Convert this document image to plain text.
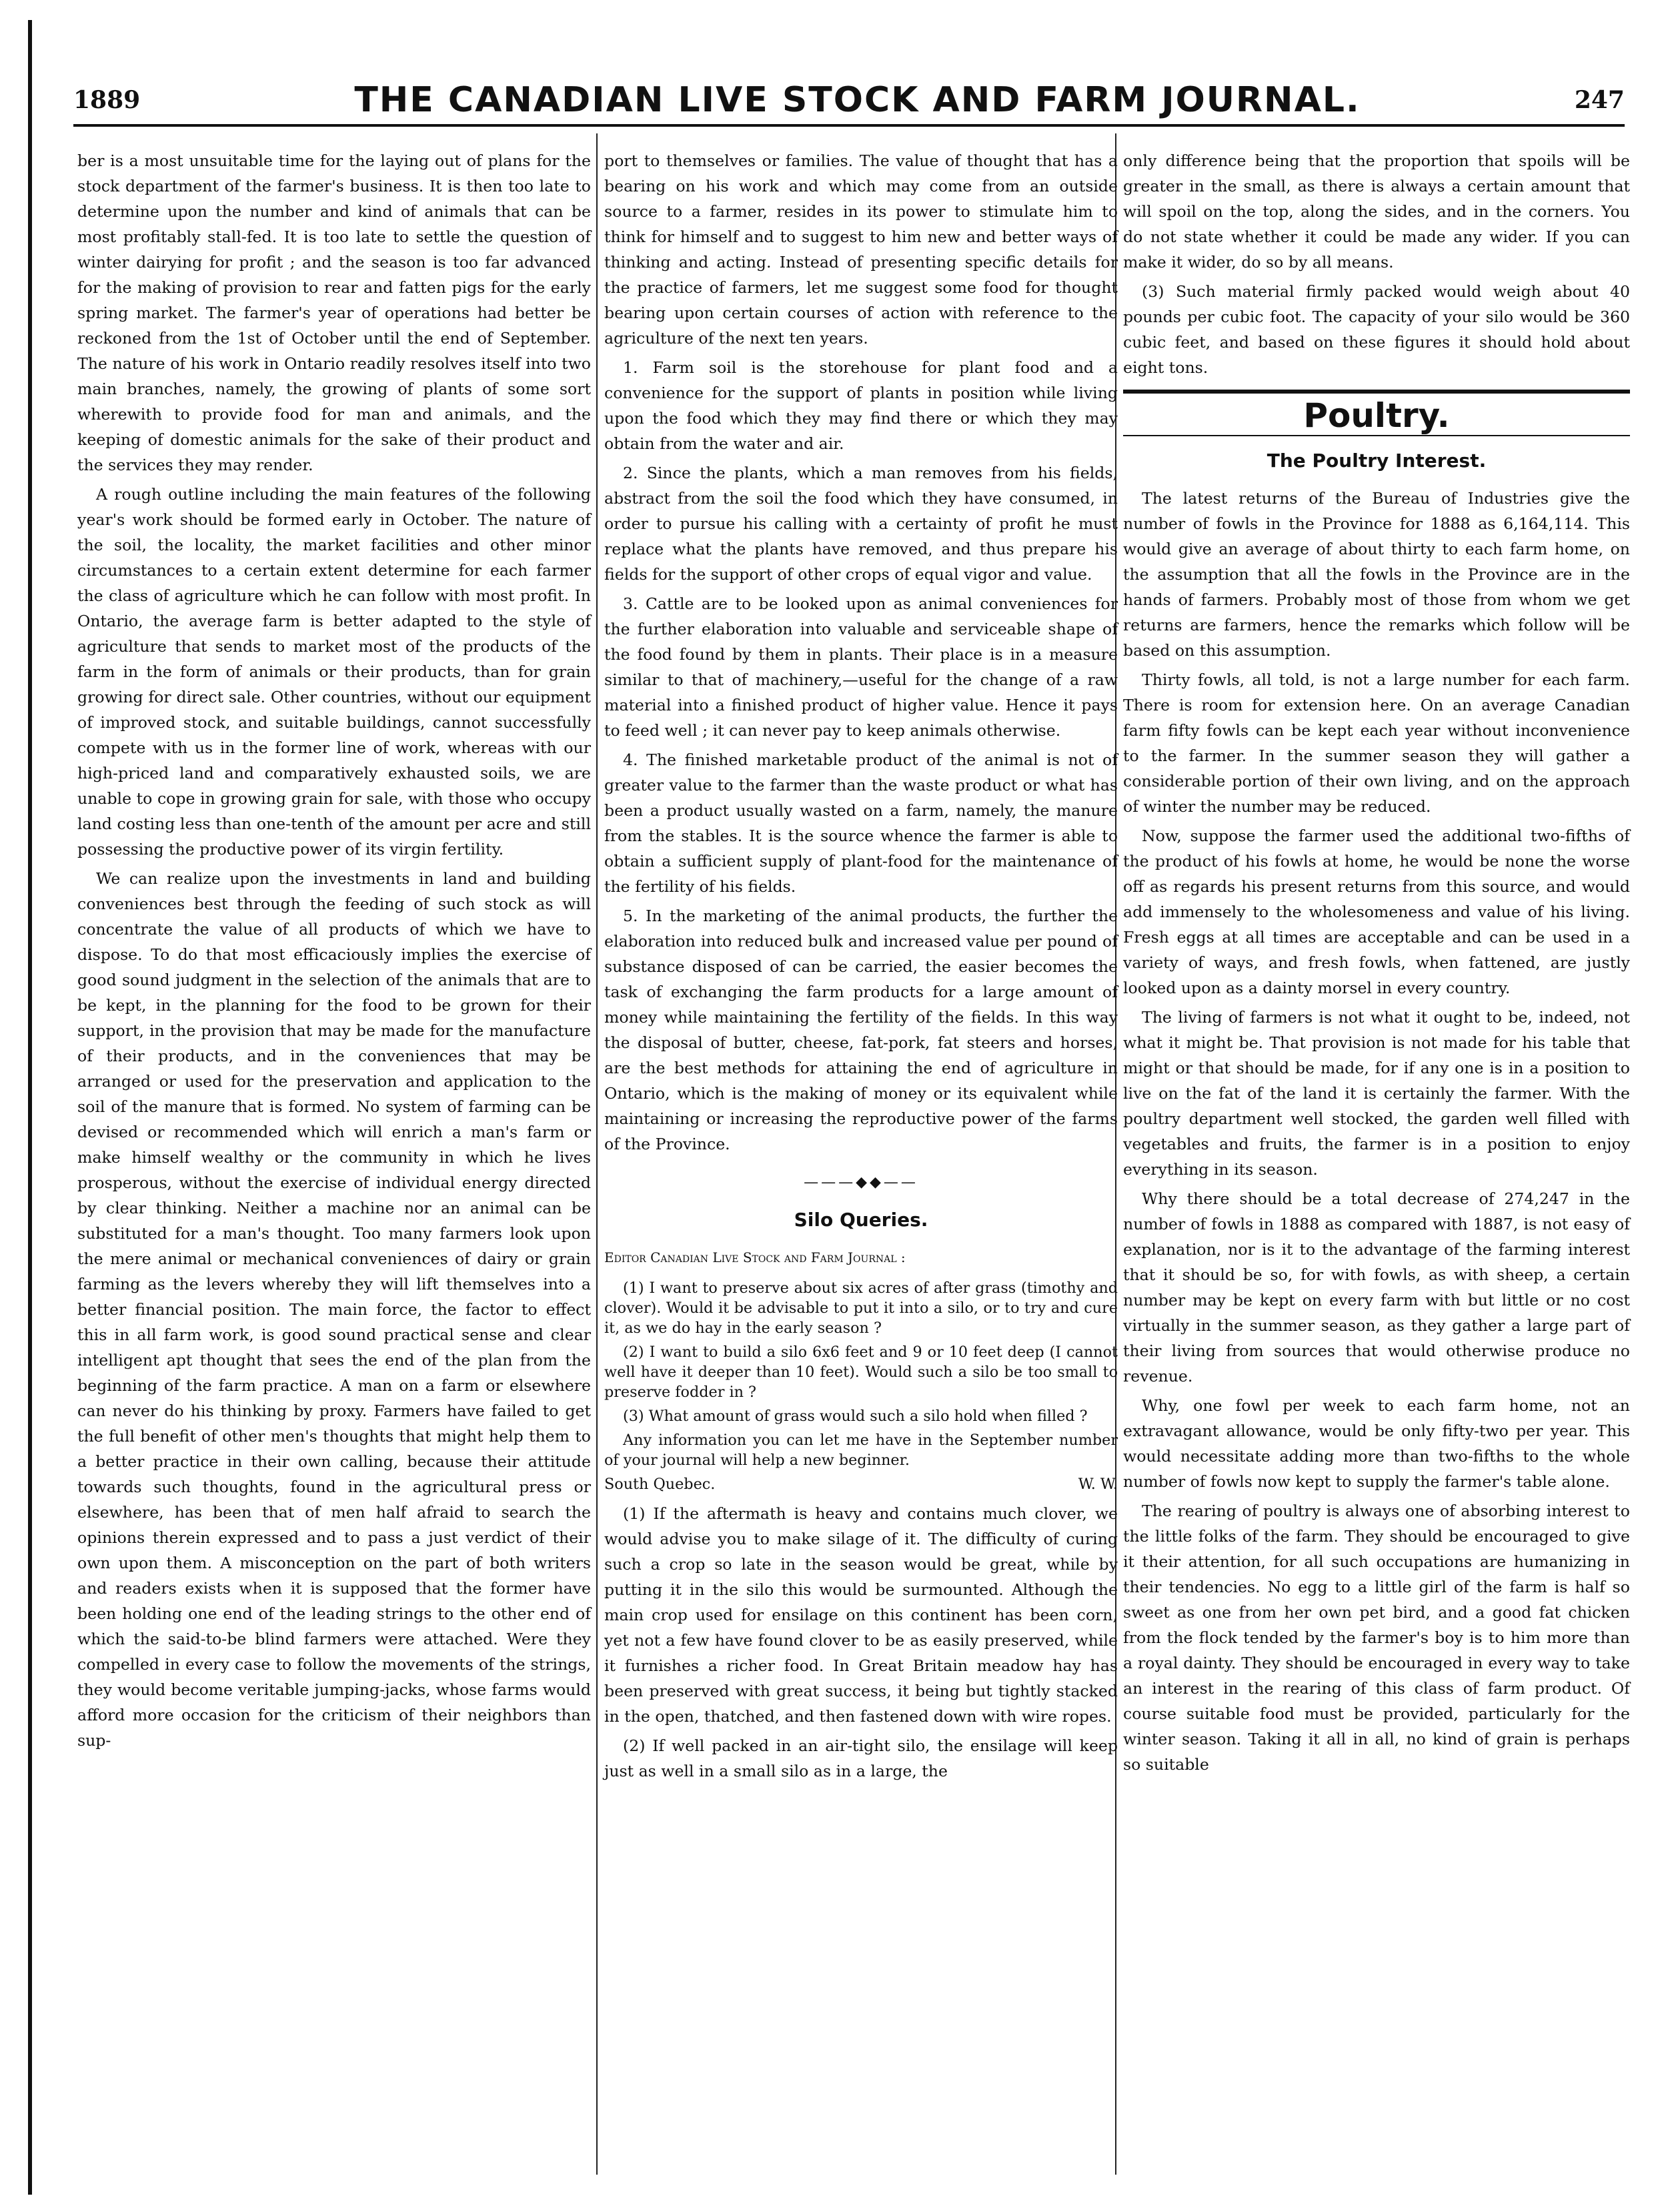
1889	THE CANADIAN LIVE STOCK AND FARM JOURNAL.	247

ber is a most unsuitable time for the laying out of plans for the stock department of the farmer's business. It is then too late to determine upon the number and kind of animals that can be most profitably stall-fed. It is too late to settle the question of winter dairying for profit ; and the season is too far advanced for the making of provision to rear and fatten pigs for the early spring market. The farmer's year of operations had better be reckoned from the 1st of October until the end of September. The nature of his work in Ontario readily resolves itself into two main branches, namely, the growing of plants of some sort wherewith to provide food for man and animals, and the keeping of domestic animals for the sake of their product and the services they may render.

A rough outline including the main features of the following year's work should be formed early in October. The nature of the soil, the locality, the market facilities and other minor circumstances to a certain extent determine for each farmer the class of agriculture which he can follow with most profit. In Ontario, the average farm is better adapted to the style of agriculture that sends to market most of the products of the farm in the form of animals or their products, than for grain growing for direct sale. Other countries, without our equipment of improved stock, and suitable buildings, cannot successfully compete with us in the former line of work, whereas with our high-priced land and comparatively exhausted soils, we are unable to cope in growing grain for sale, with those who occupy land costing less than one-tenth of the amount per acre and still possessing the productive power of its virgin fertility.

We can realize upon the investments in land and building conveniences best through the feeding of such stock as will concentrate the value of all products of which we have to dispose. To do that most efficaciously implies the exercise of good sound judgment in the selection of the animals that are to be kept, in the planning for the food to be grown for their support, in the provision that may be made for the manufacture of their products, and in the conveniences that may be arranged or used for the preservation and application to the soil of the manure that is formed. No system of farming can be devised or recommended which will enrich a man's farm or make himself wealthy or the community in which he lives prosperous, without the exercise of individual energy directed by clear thinking. Neither a machine nor an animal can be substituted for a man's thought. Too many farmers look upon the mere animal or mechanical conveniences of dairy or grain farming as the levers whereby they will lift themselves into a better financial position. The main force, the factor to effect this in all farm work, is good sound practical sense and clear intelligent apt thought that sees the end of the plan from the beginning of the farm practice. A man on a farm or elsewhere can never do his thinking by proxy. Farmers have failed to get the full benefit of other men's thoughts that might help them to a better practice in their own calling, because their attitude towards such thoughts, found in the agricultural press or elsewhere, has been that of men half afraid to search the opinions therein expressed and to pass a just verdict of their own upon them. A misconception on the part of both writers and readers exists when it is supposed that the former have been holding one end of the leading strings to the other end of which the said-to-be blind farmers were attached. Were they compelled in every case to follow the movements of the strings, they would become veritable jumping-jacks, whose farms would afford more occasion for the criticism of their neighbors than sup-

port to themselves or families. The value of thought that has a bearing on his work and which may come from an outside source to a farmer, resides in its power to stimulate him to think for himself and to suggest to him new and better ways of thinking and acting. Instead of presenting specific details for the practice of farmers, let me suggest some food for thought bearing upon certain courses of action with reference to the agriculture of the next ten years.

1. Farm soil is the storehouse for plant food and a convenience for the support of plants in position while living upon the food which they may find there or which they may obtain from the water and air.

2. Since the plants, which a man removes from his fields, abstract from the soil the food which they have consumed, in order to pursue his calling with a certainty of profit he must replace what the plants have removed, and thus prepare his fields for the support of other crops of equal vigor and value.

3. Cattle are to be looked upon as animal conveniences for the further elaboration into valuable and serviceable shape of the food found by them in plants. Their place is in a measure similar to that of machinery,—useful for the change of a raw material into a finished product of higher value. Hence it pays to feed well ; it can never pay to keep animals otherwise.

4. The finished marketable product of the animal is not of greater value to the farmer than the waste product or what has been a product usually wasted on a farm, namely, the manure from the stables. It is the source whence the farmer is able to obtain a sufficient supply of plant-food for the maintenance of the fertility of his fields.

5. In the marketing of the animal products, the further the elaboration into reduced bulk and increased value per pound of substance disposed of can be carried, the easier becomes the task of exchanging the farm products for a large amount of money while maintaining the fertility of the fields. In this way the disposal of butter, cheese, fat-pork, fat steers and horses, are the best methods for attaining the end of agriculture in Ontario, which is the making of money or its equivalent while maintaining or increasing the reproductive power of the farms of the Province.

———◆◆——
Silo Queries.
Editor Canadian Live Stock and Farm Journal :

(1) I want to preserve about six acres of after grass (timothy and clover). Would it be advisable to put it into a silo, or to try and cure it, as we do hay in the early season ?

(2) I want to build a silo 6x6 feet and 9 or 10 feet deep (I cannot well have it deeper than 10 feet). Would such a silo be too small to preserve fodder in ?

(3) What amount of grass would such a silo hold when filled ?

Any information you can let me have in the September number of your journal will help a new beginner.

South Quebec.	W. W.

(1) If the aftermath is heavy and contains much clover, we would advise you to make silage of it. The difficulty of curing such a crop so late in the season would be great, while by putting it in the silo this would be surmounted. Although the main crop used for ensilage on this continent has been corn, yet not a few have found clover to be as easily preserved, while it furnishes a richer food. In Great Britain meadow hay has been preserved with great success, it being but tightly stacked in the open, thatched, and then fastened down with wire ropes.

(2) If well packed in an air-tight silo, the ensilage will keep just as well in a small silo as in a large, the

only difference being that the proportion that spoils will be greater in the small, as there is always a certain amount that will spoil on the top, along the sides, and in the corners. You do not state whether it could be made any wider. If you can make it wider, do so by all means.

(3) Such material firmly packed would weigh about 40 pounds per cubic foot. The capacity of your silo would be 360 cubic feet, and based on these figures it should hold about eight tons.

Poultry.
The Poultry Interest.

The latest returns of the Bureau of Industries give the number of fowls in the Province for 1888 as 6,164,114. This would give an average of about thirty to each farm home, on the assumption that all the fowls in the Province are in the hands of farmers. Probably most of those from whom we get returns are farmers, hence the remarks which follow will be based on this assumption.

Thirty fowls, all told, is not a large number for each farm. There is room for extension here. On an average Canadian farm fifty fowls can be kept each year without inconvenience to the farmer. In the summer season they will gather a considerable portion of their own living, and on the approach of winter the number may be reduced.

Now, suppose the farmer used the additional two-fifths of the product of his fowls at home, he would be none the worse off as regards his present returns from this source, and would add immensely to the wholesomeness and value of his living. Fresh eggs at all times are acceptable and can be used in a variety of ways, and fresh fowls, when fattened, are justly looked upon as a dainty morsel in every country.

The living of farmers is not what it ought to be, indeed, not what it might be. That provision is not made for his table that might or that should be made, for if any one is in a position to live on the fat of the land it is certainly the farmer. With the poultry department well stocked, the garden well filled with vegetables and fruits, the farmer is in a position to enjoy everything in its season.

Why there should be a total decrease of 274,247 in the number of fowls in 1888 as compared with 1887, is not easy of explanation, nor is it to the advantage of the farming interest that it should be so, for with fowls, as with sheep, a certain number may be kept on every farm with but little or no cost virtually in the summer season, as they gather a large part of their living from sources that would otherwise produce no revenue.

Why, one fowl per week to each farm home, not an extravagant allowance, would be only fifty-two per year. This would necessitate adding more than two-fifths to the whole number of fowls now kept to supply the farmer's table alone.

The rearing of poultry is always one of absorbing interest to the little folks of the farm. They should be encouraged to give it their attention, for all such occupations are humanizing in their tendencies. No egg to a little girl of the farm is half so sweet as one from her own pet bird, and a good fat chicken from the flock tended by the farmer's boy is to him more than a royal dainty. They should be encouraged in every way to take an interest in the rearing of this class of farm product. Of course suitable food must be provided, particularly for the winter season. Taking it all in all, no kind of grain is perhaps so suitable
